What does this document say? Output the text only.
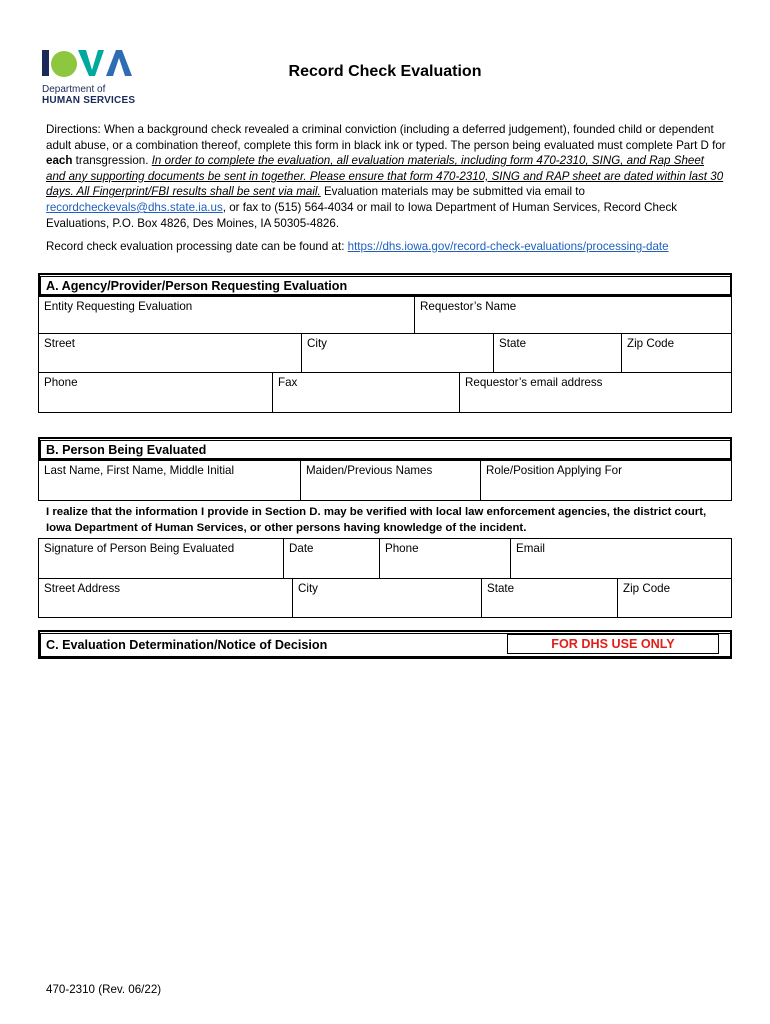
Department of
HUMAN SERVICES
Record Check Evaluation
Directions: When a background check revealed a criminal conviction (including a deferred judgement), founded child or dependent adult abuse, or a combination thereof, complete this form in black ink or typed. The person being evaluated must complete Part D for each transgression. In order to complete the evaluation, all evaluation materials, including form 470-2310, SING, and Rap Sheet and any supporting documents be sent in together. Please ensure that form 470-2310, SING and RAP sheet are dated within last 30 days. All Fingerprint/FBI results shall be sent via mail. Evaluation materials may be submitted via email to recordcheckevals@dhs.state.ia.us, or fax to (515) 564-4034 or mail to Iowa Department of Human Services, Record Check Evaluations, P.O. Box 4826, Des Moines, IA 50305-4826.
Record check evaluation processing date can be found at: https://dhs.iowa.gov/record-check-evaluations/processing-date
A. Agency/Provider/Person Requesting Evaluation
Entity Requesting Evaluation	Requestor’s Name
Street	City	State	Zip Code
Phone	Fax	Requestor’s email address
B. Person Being Evaluated
Last Name, First Name, Middle Initial	Maiden/Previous Names	Role/Position Applying For
I realize that the information I provide in Section D. may be verified with local law enforcement agencies, the district court, Iowa Department of Human Services, or other persons having knowledge of the incident.
Signature of Person Being Evaluated	Date	Phone	Email
Street Address	City	State	Zip Code
C. Evaluation Determination/Notice of Decision	FOR DHS USE ONLY
470-2310 (Rev. 06/22)
